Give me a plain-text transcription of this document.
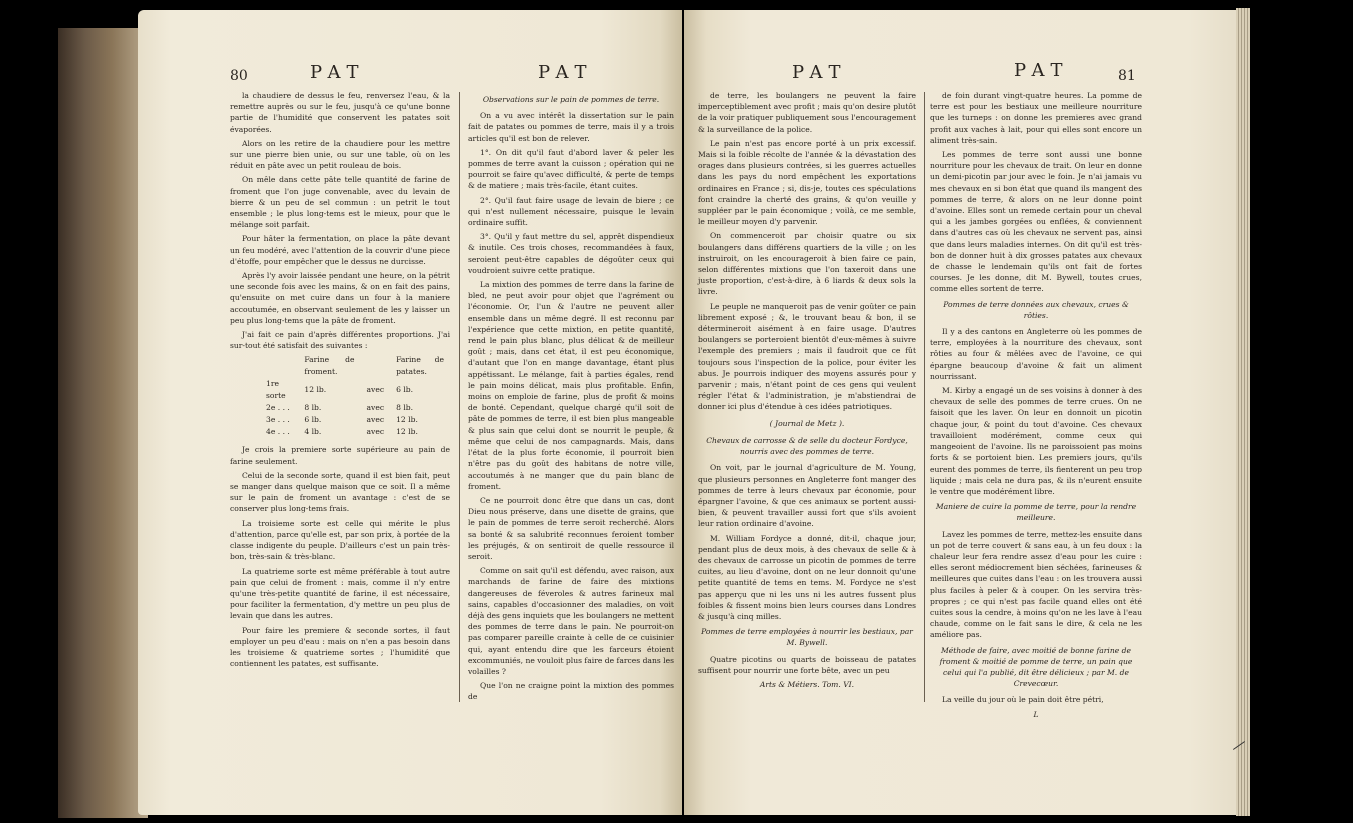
80	PAT	PAT

la chaudiere de dessus le feu, renversez l'eau, & la remettre auprès ou sur le feu, jusqu'à ce qu'une bonne partie de l'humidité que conservent les patates soit évaporées.

Alors on les retire de la chaudiere pour les mettre sur une pierre bien unie, ou sur une table, où on les réduit en pâte avec un petit rouleau de bois.

On mêle dans cette pâte telle quantité de farine de froment que l'on juge convenable, avec du levain de bierre & un peu de sel commun : un petrit le tout ensemble ; le plus long-tems est le mieux, pour que le mélange soit parfait.

Pour hâter la fermentation, on place la pâte devant un feu modéré, avec l'attention de la couvrir d'une piece d'étoffe, pour empêcher que le dessus ne durcisse.

Après l'y avoir laissée pendant une heure, on la pétrit une seconde fois avec les mains, & on en fait des pains, qu'ensuite on met cuire dans un four à la maniere accoutumée, en observant seulement de les y laisser un peu plus long-tems que la pâte de froment.

J'ai fait ce pain d'après différentes proportions. J'ai sur-tout été satisfait des suivantes :

	Farine de froment.		Farine de patates.
1re sorte	12 lb.	avec	6 lb.
2e . . .	8 lb.	avec	8 lb.
3e . . .	6 lb.	avec	12 lb.
4e . . .	4 lb.	avec	12 lb.

Je crois la premiere sorte supérieure au pain de farine seulement.

Celui de la seconde sorte, quand il est bien fait, peut se manger dans quelque maison que ce soit. Il a même sur le pain de froment un avantage : c'est de se conserver plus long-tems frais.

La troisieme sorte est celle qui mérite le plus d'attention, parce qu'elle est, par son prix, à portée de la classe indigente du peuple. D'ailleurs c'est un pain très-bon, très-sain & très-blanc.

La quatrieme sorte est même préférable à tout autre pain que celui de froment : mais, comme il n'y entre qu'une très-petite quantité de farine, il est nécessaire, pour faciliter la fermentation, d'y mettre un peu plus de levain que dans les autres.

Pour faire les premiere & seconde sortes, il faut employer un peu d'eau : mais on n'en a pas besoin dans les troisieme & quatrieme sortes ; l'humidité que contiennent les patates, est suffisante.

Observations sur le pain de pommes de terre.

On a vu avec intérêt la dissertation sur le pain fait de patates ou pommes de terre, mais il y a trois articles qu'il est bon de relever.

1°. On dit qu'il faut d'abord laver & peler les pommes de terre avant la cuisson ; opération qui ne pourroit se faire qu'avec difficulté, & perte de temps & de matiere ; mais très-facile, étant cuites.

2°. Qu'il faut faire usage de levain de biere ; ce qui n'est nullement nécessaire, puisque le levain ordinaire suffit.

3°. Qu'il y faut mettre du sel, apprêt dispendieux & inutile. Ces trois choses, recommandées à faux, seroient peut-être capables de dégoûter ceux qui voudroient suivre cette pratique.

La mixtion des pommes de terre dans la farine de bled, ne peut avoir pour objet que l'agrément ou l'économie. Or, l'un & l'autre ne peuvent aller ensemble dans un même degré. Il est reconnu par l'expérience que cette mixtion, en petite quantité, rend le pain plus blanc, plus délicat & de meilleur goût ; mais, dans cet état, il est peu économique, d'autant que l'on en mange davantage, étant plus appétissant. Le mélange, fait à parties égales, rend le pain moins délicat, mais plus profitable. Enfin, moins on emploie de farine, plus de profit & moins de bonté. Cependant, quelque chargé qu'il soit de pâte de pommes de terre, il est bien plus mangeable & plus sain que celui dont se nourrit le peuple, & même que celui de nos campagnards. Mais, dans l'état de la plus forte économie, il pourroit bien n'être pas du goût des habitans de notre ville, accoutumés à ne manger que du pain blanc de froment.

Ce ne pourroit donc être que dans un cas, dont Dieu nous préserve, dans une disette de grains, que le pain de pommes de terre seroit recherché. Alors sa bonté & sa salubrité reconnues feroient tomber les préjugés, & on sentiroit de quelle ressource il seroit.

Comme on sait qu'il est défendu, avec raison, aux marchands de farine de faire des mixtions dangereuses de féveroles & autres farineux mal sains, capables d'occasionner des maladies, on voit déjà des gens inquiets que les boulangers ne mettent des pommes de terre dans le pain. Ne pourroit-on pas comparer pareille crainte à celle de ce cuisinier qui, ayant entendu dire que les farceurs étoient excommuniés, ne vouloit plus faire de farces dans les volailles ?

Que l'on ne craigne point la mixtion des pommes de

PAT	PAT	81

de terre, les boulangers ne peuvent la faire imperceptiblement avec profit ; mais qu'on desire plutôt de la voir pratiquer publiquement sous l'encouragement & la surveillance de la police.

Le pain n'est pas encore porté à un prix excessif. Mais si la foible récolte de l'année & la dévastation des orages dans plusieurs contrées, si les guerres actuelles dans les pays du nord empêchent les exportations ordinaires en France ; si, dis-je, toutes ces spéculations font craindre la cherté des grains, & qu'on veuille y suppléer par le pain économique ; voilà, ce me semble, le meilleur moyen d'y parvenir.

On commenceroit par choisir quatre ou six boulangers dans différens quartiers de la ville ; on les instruiroit, on les encourageroit à bien faire ce pain, selon différentes mixtions que l'on taxeroit dans une juste proportion, c'est-à-dire, à 6 liards & deux sols la livre.

Le peuple ne manqueroit pas de venir goûter ce pain librement exposé ; &, le trouvant beau & bon, il se détermineroit aisément à en faire usage. D'autres boulangers se porteroient bientôt d'eux-mêmes à suivre l'exemple des premiers ; mais il faudroit que ce fût toujours sous l'inspection de la police, pour éviter les abus. Je pourrois indiquer des moyens assurés pour y parvenir ; mais, n'étant point de ces gens qui veulent régler l'état & l'administration, je m'abstiendrai de donner ici plus d'étendue à ces idées patriotiques.

( Journal de Metz ).

Chevaux de carrosse & de selle du docteur Fordyce, nourris avec des pommes de terre.

On voit, par le journal d'agriculture de M. Young, que plusieurs personnes en Angleterre font manger des pommes de terre à leurs chevaux par économie, pour épargner l'avoine, & que ces animaux se portent aussi-bien, & peuvent travailler aussi fort que s'ils avoient leur ration ordinaire d'avoine.

M. William Fordyce a donné, dit-il, chaque jour, pendant plus de deux mois, à des chevaux de selle & à des chevaux de carrosse un picotin de pommes de terre cuites, au lieu d'avoine, dont on ne leur donnoit qu'une petite quantité de tems en tems. M. Fordyce ne s'est pas apperçu que ni les uns ni les autres fussent plus foibles & fissent moins bien leurs courses dans Londres & jusqu'à cinq milles.

Pommes de terre employées à nourrir les bestiaux, par M. Bywell.

Quatre picotins ou quarts de boisseau de patates suffisent pour nourrir une forte bête, avec un peu

Arts & Métiers. Tom. VI.

de foin durant vingt-quatre heures. La pomme de terre est pour les bestiaux une meilleure nourriture que les turneps : on donne les premieres avec grand profit aux vaches à lait, pour qui elles sont encore un aliment très-sain.

Les pommes de terre sont aussi une bonne nourriture pour les chevaux de trait. On leur en donne un demi-picotin par jour avec le foin. Je n'ai jamais vu mes chevaux en si bon état que quand ils mangent des pommes de terre, & alors on ne leur donne point d'avoine. Elles sont un remede certain pour un cheval qui a les jambes gorgées ou enflées, & conviennent dans d'autres cas où les chevaux ne servent pas, ainsi que dans leurs maladies internes. On dit qu'il est très-bon de donner huit à dix grosses patates aux chevaux de chasse le lendemain qu'ils ont fait de fortes courses. Je les donne, dit M. Bywell, toutes crues, comme elles sortent de terre.

Pommes de terre données aux chevaux, crues & rôties.

Il y a des cantons en Angleterre où les pommes de terre, employées à la nourriture des chevaux, sont rôties au four & mêlées avec de l'avoine, ce qui épargne beaucoup d'avoine & fait un aliment nourrissant.

M. Kirby a engagé un de ses voisins à donner à des chevaux de selle des pommes de terre crues. On ne faisoit que les laver. On leur en donnoit un picotin chaque jour, & point du tout d'avoine. Ces chevaux travailloient modérément, comme ceux qui mangeoient de l'avoine. Ils ne paroissoient pas moins forts & se portoient bien. Les premiers jours, qu'ils eurent des pommes de terre, ils fienterent un peu trop liquide ; mais cela ne dura pas, & ils n'eurent ensuite le ventre que modérément libre.

Maniere de cuire la pomme de terre, pour la rendre meilleure.

Lavez les pommes de terre, mettez-les ensuite dans un pot de terre couvert & sans eau, à un feu doux : la chaleur leur fera rendre assez d'eau pour les cuire : elles seront médiocrement bien séchées, farineuses & meilleures que cuites dans l'eau : on les trouvera aussi plus faciles à peler & à couper. On les servira très-propres ; ce qui n'est pas facile quand elles ont été cuites sous la cendre, à moins qu'on ne les lave à l'eau chaude, comme on le fait sans le dire, & cela ne les améliore pas.

Méthode de faire, avec moitié de bonne farine de froment & moitié de pomme de terre, un pain que celui qui l'a publié, dit être délicieux ; par M. de Crevecœur.

La veille du jour où le pain doit être pétri,

L
